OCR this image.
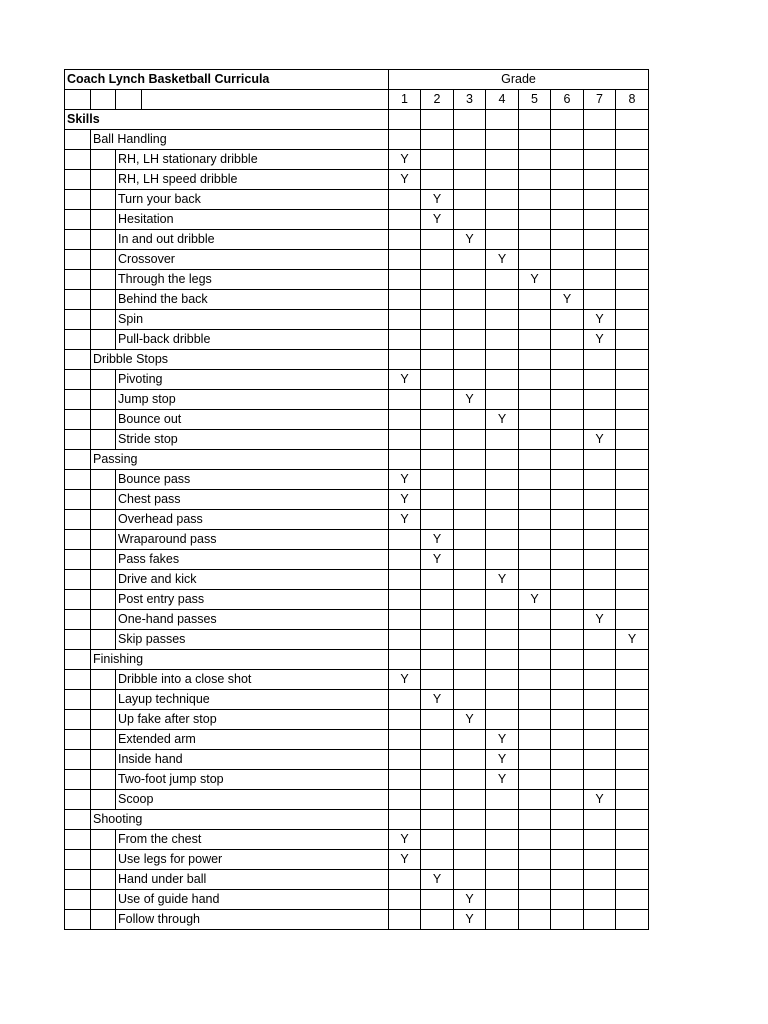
Coach Lynch Basketball Curricula				Grade							
				1	2	3	4	5	6	7	8
Skills											
	Ball Handling										
		RH, LH stationary dribble		Y							
		RH, LH speed dribble		Y							
		Turn your back			Y						
		Hesitation			Y						
		In and out dribble				Y					
		Crossover					Y				
		Through the legs						Y			
		Behind the back							Y		
		Spin								Y	
		Pull-back dribble								Y	
	Dribble Stops										
		Pivoting		Y							
		Jump stop				Y					
		Bounce out					Y				
		Stride stop								Y	
	Passing										
		Bounce pass		Y							
		Chest pass		Y							
		Overhead pass		Y							
		Wraparound pass			Y						
		Pass fakes			Y						
		Drive and kick					Y				
		Post entry pass						Y			
		One-hand passes								Y	
		Skip passes									Y
	Finishing										
		Dribble into a close shot		Y							
		Layup technique			Y						
		Up fake after stop				Y					
		Extended arm					Y				
		Inside hand					Y				
		Two-foot jump stop					Y				
		Scoop								Y	
	Shooting										
		From the chest		Y							
		Use legs for power		Y							
		Hand under ball			Y						
		Use of guide hand				Y					
		Follow through				Y					
